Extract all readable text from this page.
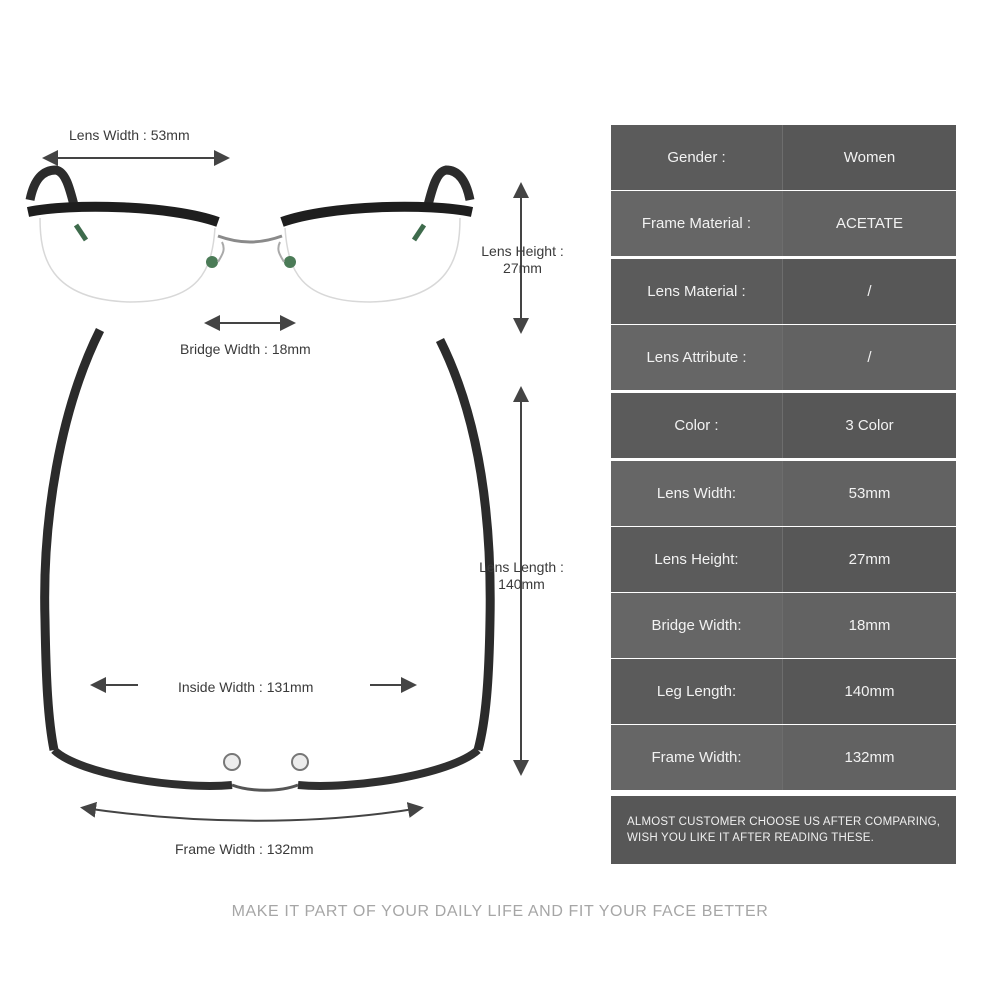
Lens Width : 53mm
Lens Height :
27mm
Bridge Width : 18mm
Lens Length :
140mm
Inside Width : 131mm
Frame Width : 132mm
Gender :	Women
Frame Material :	ACETATE
Lens Material :	/
Lens Attribute :	/
Color :	3 Color
Lens Width:	53mm
Lens Height:	27mm
Bridge Width:	18mm
Leg Length:	140mm
Frame Width:	132mm
ALMOST CUSTOMER CHOOSE US AFTER COMPARING,
WISH YOU LIKE IT AFTER READING THESE.
MAKE IT PART OF YOUR DAILY LIFE AND FIT YOUR FACE BETTER
